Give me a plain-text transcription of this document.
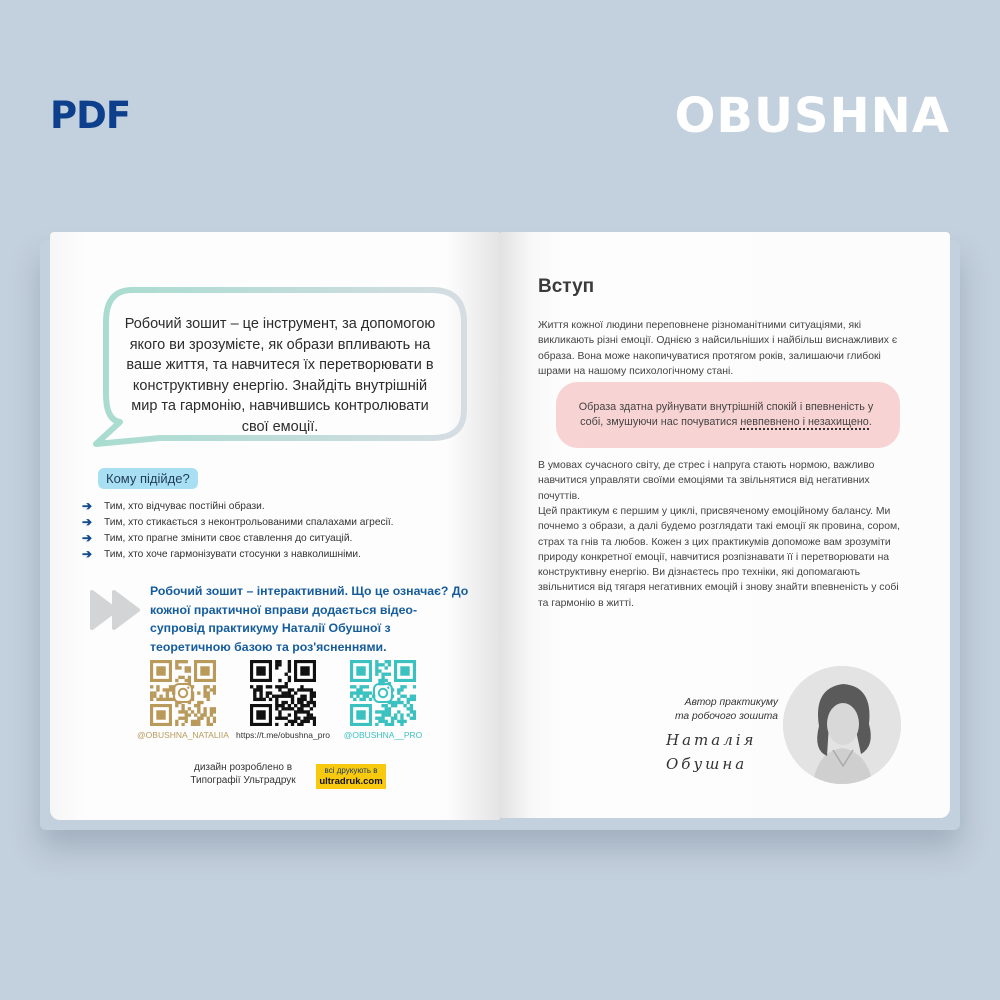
PDF	OBUSHNA
Робочий зошит – це інструмент, за допомогою якого ви зрозумієте, як образи впливають на ваше життя, та навчитеся їх перетворювати в конструктивну енергію. Знайдіть внутрішній мир та гармонію, навчившись контролювати свої емоції.
Кому підійде?
➔	Тим, хто відчуває постійні образи.
➔	Тим, хто стикається з неконтрольованими спалахами агресії.
➔	Тим, хто прагне змінити своє ставлення до ситуацій.
➔	Тим, хто хоче гармонізувати стосунки з навколишніми.
Робочий зошит – інтерактивний. Що це означає? До кожної практичної вправи додається відео-супровід практикуму Наталії Обушної з теоретичною базою та роз'ясненнями.
@OBUSHNA_NATALIIA https://t.me/obushna_pro	@OBUSHNA__PRO
дизайн розроблено в Типографії Ультрадрук
всі друкують в
ultradruk.com
Вступ
Життя кожної людини переповнене різноманітними ситуаціями, які викликають різні емоції. Однією з найсильніших і найбільш виснажливих є образа. Вона може накопичуватися протягом років, залишаючи глибокі шрами на нашому психологічному стані.
Образа здатна руйнувати внутрішній спокій і впевненість у собі, змушуючи нас почуватися невпевнено і незахищено.
В умовах сучасного світу, де стрес і напруга стають нормою, важливо навчитися управляти своїми емоціями та звільнятися від негативних почуттів.
Цей практикум є першим у циклі, присвяченому емоційному балансу. Ми почнемо з образи, а далі будемо розглядати такі емоції як провина, сором, страх та гнів та любов. Кожен з цих практикумів допоможе вам зрозуміти природу конкретної емоції, навчитися розпізнавати її і перетворювати на конструктивну енергію. Ви дізнаєтесь про техніки, які допомагають звільнитися від тягаря негативних емоцій і знову знайти впевненість у собі та гармонію в житті.
Автор практикуму
та робочого зошита
Наталія Обушна
